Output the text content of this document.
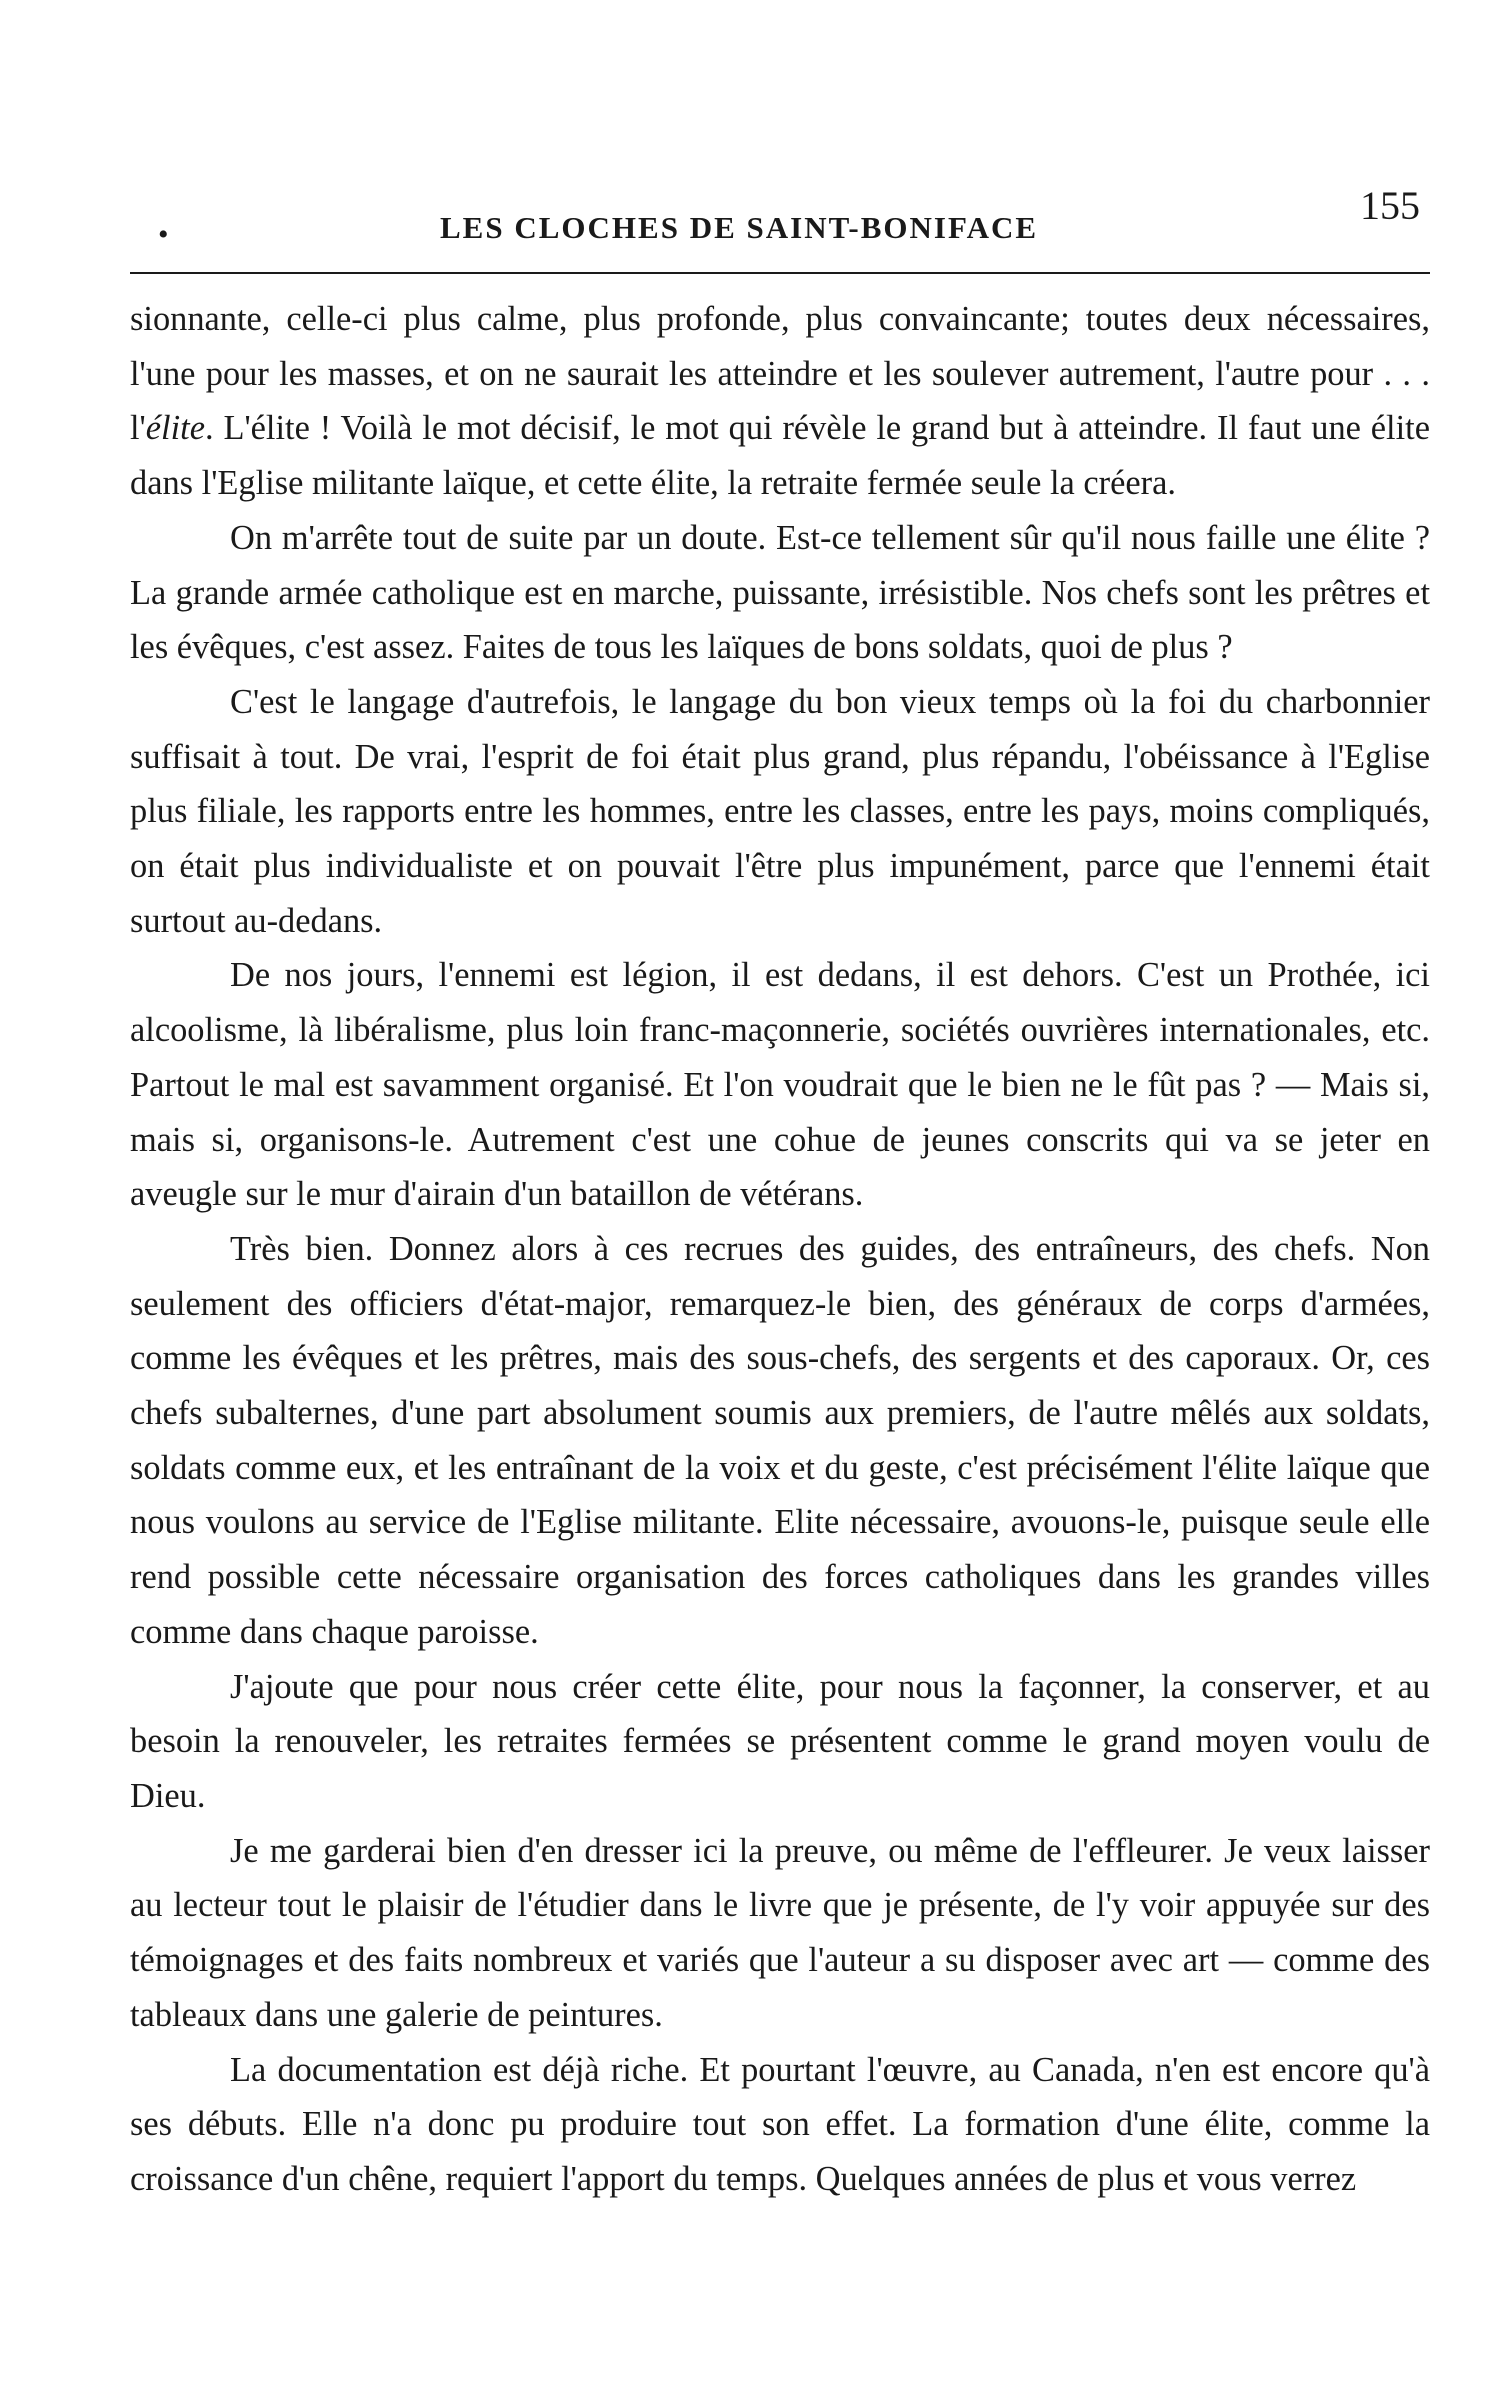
•	LES CLOCHES DE SAINT-BONIFACE	155

sionnante, celle-ci plus calme, plus profonde, plus convaincante; toutes deux nécessaires, l'une pour les masses, et on ne saurait les atteindre et les soulever autrement, l'autre pour . . . l'élite. L'élite ! Voilà le mot décisif, le mot qui révèle le grand but à atteindre. Il faut une élite dans l'Eglise militante laïque, et cette élite, la retraite fermée seule la créera.

On m'arrête tout de suite par un doute. Est-ce tellement sûr qu'il nous faille une élite ? La grande armée catholique est en marche, puissante, irrésistible. Nos chefs sont les prêtres et les évêques, c'est assez. Faites de tous les laïques de bons soldats, quoi de plus ?

C'est le langage d'autrefois, le langage du bon vieux temps où la foi du charbonnier suffisait à tout. De vrai, l'esprit de foi était plus grand, plus répandu, l'obéissance à l'Eglise plus filiale, les rapports entre les hommes, entre les classes, entre les pays, moins compliqués, on était plus individualiste et on pouvait l'être plus impunément, parce que l'ennemi était surtout au-dedans.

De nos jours, l'ennemi est légion, il est dedans, il est dehors. C'est un Prothée, ici alcoolisme, là libéralisme, plus loin franc-maçonnerie, sociétés ouvrières internationales, etc. Partout le mal est savamment organisé. Et l'on voudrait que le bien ne le fût pas ? — Mais si, mais si, organisons-le. Autrement c'est une cohue de jeunes conscrits qui va se jeter en aveugle sur le mur d'airain d'un bataillon de vétérans.

Très bien. Donnez alors à ces recrues des guides, des entraîneurs, des chefs. Non seulement des officiers d'état-major, remarquez-le bien, des généraux de corps d'armées, comme les évêques et les prêtres, mais des sous-chefs, des sergents et des caporaux. Or, ces chefs subalternes, d'une part absolument soumis aux premiers, de l'autre mêlés aux soldats, soldats comme eux, et les entraînant de la voix et du geste, c'est précisément l'élite laïque que nous voulons au service de l'Eglise militante. Elite nécessaire, avouons-le, puisque seule elle rend possible cette nécessaire organisation des forces catholiques dans les grandes villes comme dans chaque paroisse.

J'ajoute que pour nous créer cette élite, pour nous la façonner, la conserver, et au besoin la renouveler, les retraites fermées se présentent comme le grand moyen voulu de Dieu.

Je me garderai bien d'en dresser ici la preuve, ou même de l'effleurer. Je veux laisser au lecteur tout le plaisir de l'étudier dans le livre que je présente, de l'y voir appuyée sur des témoignages et des faits nombreux et variés que l'auteur a su disposer avec art — comme des tableaux dans une galerie de peintures.

La documentation est déjà riche. Et pourtant l'œuvre, au Canada, n'en est encore qu'à ses débuts. Elle n'a donc pu produire tout son effet. La formation d'une élite, comme la croissance d'un chêne, requiert l'apport du temps. Quelques années de plus et vous verrez
